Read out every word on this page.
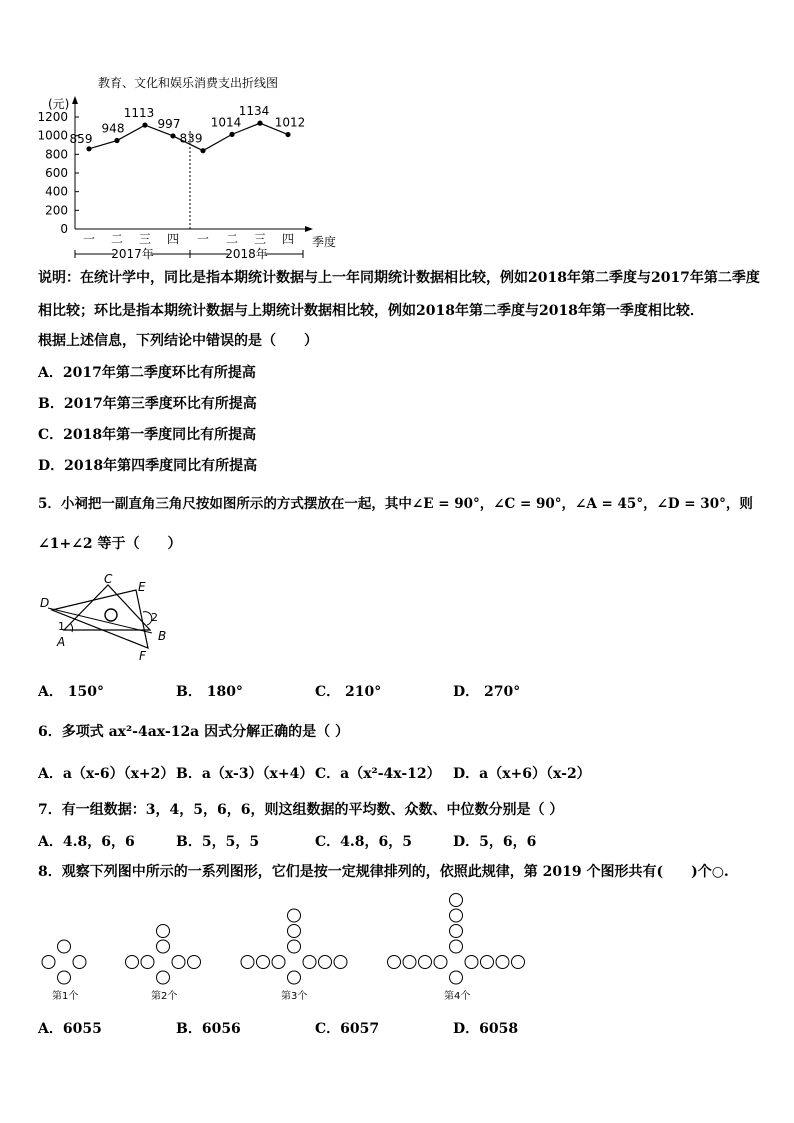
教育、文化和娱乐消费支出折线图
(元)
季度
0
200
400
600
800
1000
1200
一 二 三 四 一 二 三 四
2017年	2018年
859
948
1113
997
839
1014
1134
1012
说明：在统计学中，同比是指本期统计数据与上一年同期统计数据相比较，例如2018年第二季度与2017年第二季度
相比较；环比是指本期统计数据与上期统计数据相比较，例如2018年第二季度与2018年第一季度相比较．
根据上述信息，下列结论中错误的是（　　）
A．2017年第二季度环比有所提高
B．2017年第三季度环比有所提高
C．2018年第一季度同比有所提高
D．2018年第四季度同比有所提高
5．小祠把一副直角三角尺按如图所示的方式摆放在一起，其中∠E = 90°，∠C = 90°，∠A = 45°，∠D = 30°，则
∠1+∠2 等于（　　）
C
E
D
A	B
F
1
2
A． 150°	B． 180°	C． 210°	D． 270°
6．多项式 ax²-4ax-12a 因式分解正确的是（ ）
A．a（x-6）（x+2） B．a（x-3）（x+4） C．a（x²-4x-12） D．a（x+6）（x-2）
7．有一组数据：3，4，5，6，6，则这组数据的平均数、众数、中位数分别是（ ）
A．4.8，6，6	B．5，5，5	C．4.8，6，5	D．5，6，6
8．观察下列图中所示的一系列图形，它们是按一定规律排列的，依照此规律，第 2019 个图形共有(　　)个○.
第1个	第2个	第3个	第4个
A．6055	B．6056	C．6057	D．6058
